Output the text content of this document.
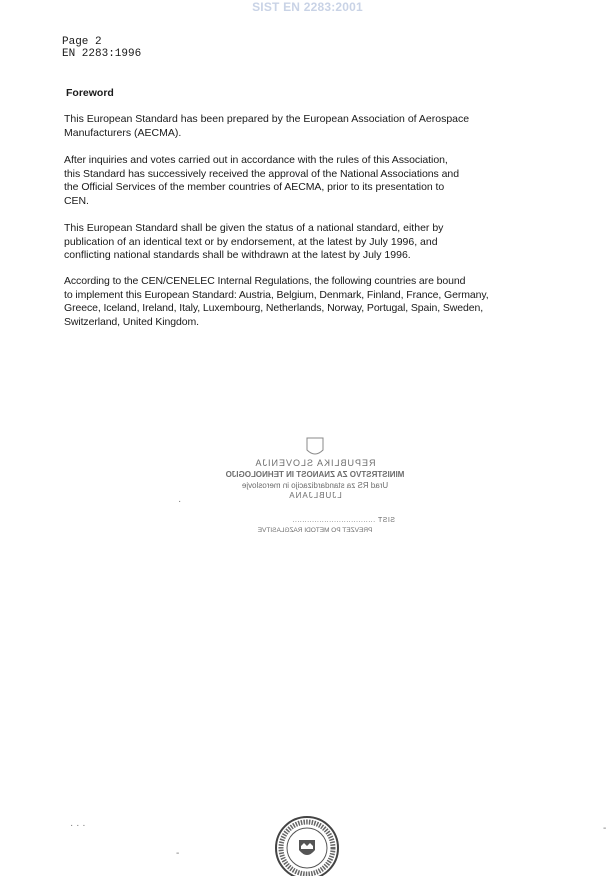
SIST EN 2283:2001
Page 2
EN 2283:1996
Foreword

This European Standard has been prepared by the European Association of Aerospace
Manufacturers (AECMA).

After inquiries and votes carried out in accordance with the rules of this Association,
this Standard has successively received the approval of the National Associations and
the Official Services of the member countries of AECMA, prior to its presentation to
CEN.

This European Standard shall be given the status of a national standard, either by
publication of an identical text or by endorsement, at the latest by July 1996, and
conflicting national standards shall be withdrawn at the latest by July 1996.

According to the CEN/CENELEC Internal Regulations, the following countries are bound
to implement this European Standard: Austria, Belgium, Denmark, Finland, France, Germany,
Greece, Iceland, Ireland, Italy, Luxembourg, Netherlands, Norway, Portugal, Spain, Sweden,
Switzerland, United Kingdom.

REPUBLIKA SLOVENIJA
MINISTRSTVO ZA ZNANOST IN TEHNOLOGIJO
Urad RS za standardizacijo in meroslovje
LJUBLJANA
SIST ..................................
PREVZET PO METODI RAZGLASITVE
·
· · ·
-
-
